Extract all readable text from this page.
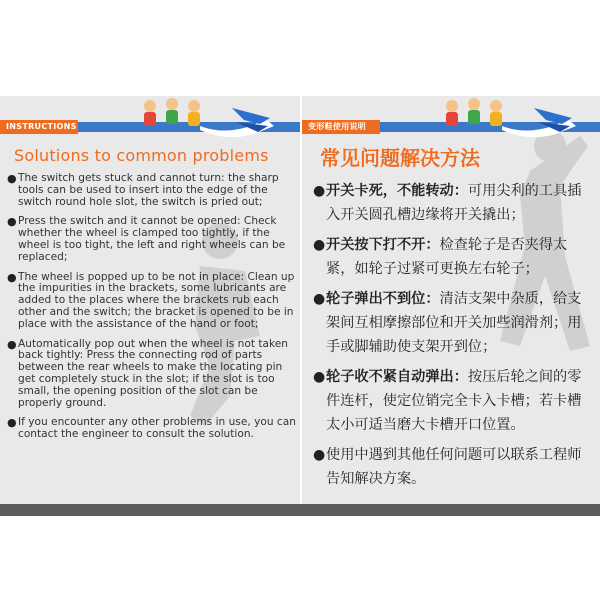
INSTRUCTIONS	变形鞋使用说明
Solutions to common problems
● The switch gets stuck and cannot turn: the sharp tools can be used to insert into the edge of the switch round hole slot, the switch is pried out;
● Press the switch and it cannot be opened: Check whether the wheel is clamped too tightly, if the wheel is too tight, the left and right wheels can be replaced;
● The wheel is popped up to be not in place: Clean up the impurities in the brackets, some lubricants are added to the places where the brackets rub each other and the switch; the bracket is opened to be in place with the assistance of the hand or foot;
● Automatically pop out when the wheel is not taken back tightly: Press the connecting rod of parts between the rear wheels to make the locating pin get completely stuck in the slot; if the slot is too small, the opening position of the slot can be properly ground.
● If you encounter any other problems in use, you can contact the engineer to consult the solution.
常见问题解决方法
● 开关卡死，不能转动：可用尖利的工具插入开关圆孔槽边缘将开关撬出；
● 开关按下打不开：检查轮子是否夹得太紧，如轮子过紧可更换左右轮子；
● 轮子弹出不到位：清洁支架中杂质，给支架间互相摩擦部位和开关加些润滑剂；用手或脚辅助使支架开到位；
● 轮子收不紧自动弹出：按压后轮之间的零件连杆，使定位销完全卡入卡槽；若卡槽太小可适当磨大卡槽开口位置。
● 使用中遇到其他任何问题可以联系工程师告知解决方案。
